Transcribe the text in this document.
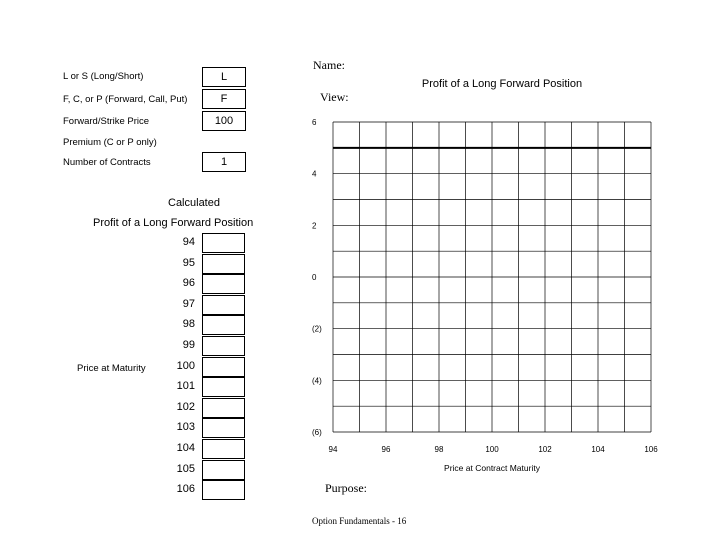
L or S (Long/Short)	L
F, C, or P (Forward, Call, Put)	F
Forward/Strike Price	100
Premium (C or P only)
Number of Contracts	1
Calculated
Profit of a Long Forward Position
Price at Maturity
94
95
96
97
98
99
100
101
102
103
104
105
106
Name:
View:
Purpose:
Option Fundamentals - 16
Profit of a Long Forward Position
Price at Contract Maturity
94	96	98	100	102	104	106
6
4
2
0
(2)
(4)
(6)
